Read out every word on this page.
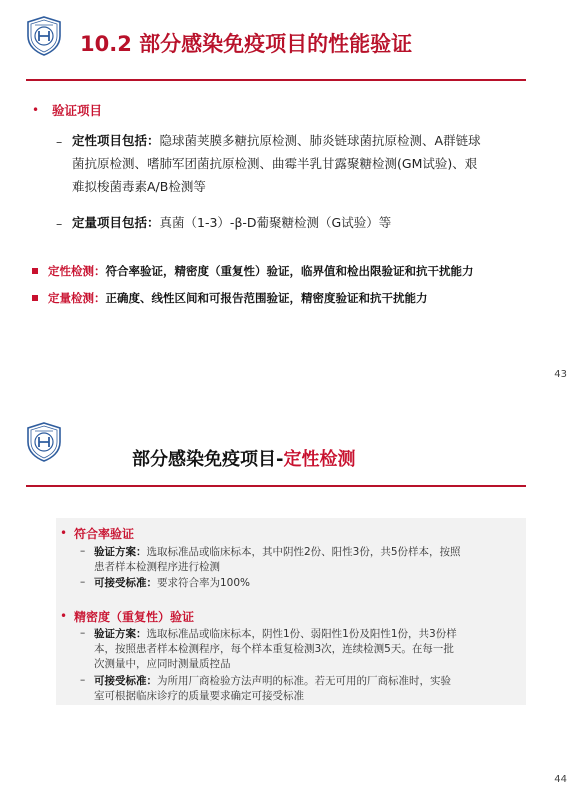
10.2 部分感染免疫项目的性能验证
• 验证项目
– 定性项目包括：隐球菌荚膜多糖抗原检测、肺炎链球菌抗原检测、A群链球
菌抗原检测、嗜肺军团菌抗原检测、曲霉半乳甘露聚糖检测(GM试验)、艰
难拟梭菌毒素A/B检测等
– 定量项目包括：真菌（1-3）-β-D葡聚糖检测（G试验）等
定性检测：符合率验证，精密度（重复性）验证，临界值和检出限验证和抗干扰能力
定量检测：正确度、线性区间和可报告范围验证，精密度验证和抗干扰能力
43
部分感染免疫项目-定性检测
• 符合率验证
– 验证方案：选取标准品或临床标本，其中阴性2份、阳性3份，共5份样本，按照
患者样本检测程序进行检测
– 可接受标准：要求符合率为100%
• 精密度（重复性）验证
– 验证方案：选取标准品或临床标本，阴性1份、弱阳性1份及阳性1份，共3份样
本，按照患者样本检测程序，每个样本重复检测3次，连续检测5天。在每一批
次测量中，应同时测量质控品
– 可接受标准：为所用厂商检验方法声明的标准。若无可用的厂商标准时，实验
室可根据临床诊疗的质量要求确定可接受标准
44
